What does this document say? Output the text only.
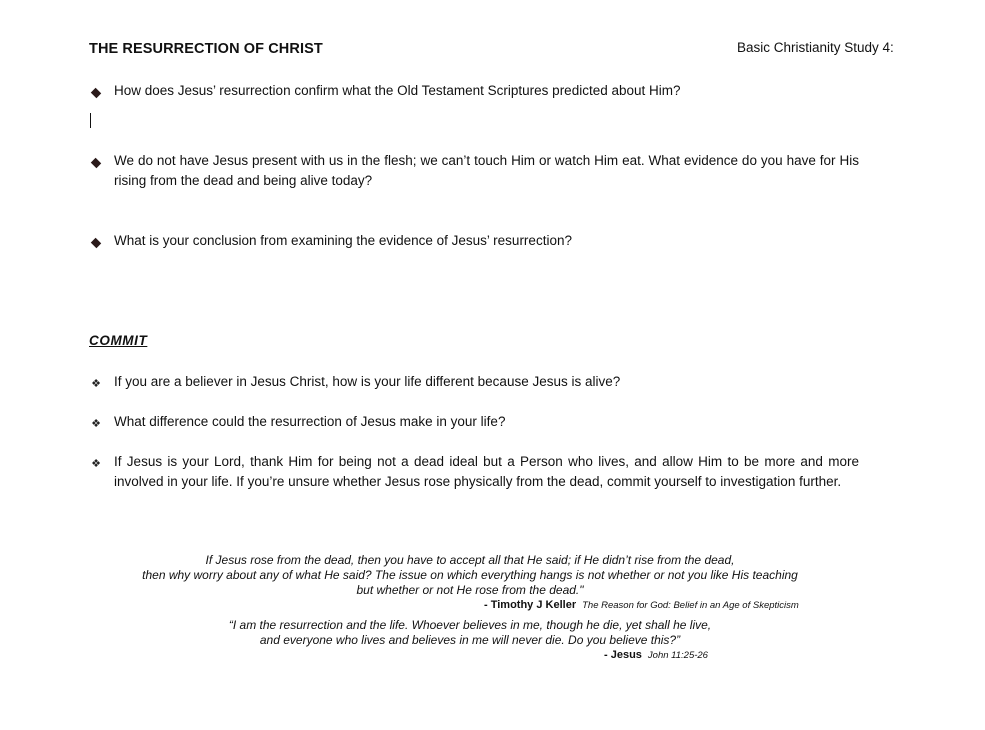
THE RESURRECTION OF CHRIST	Basic Christianity Study 4:
How does Jesus’ resurrection confirm what the Old Testament Scriptures predicted about Him?
We do not have Jesus present with us in the flesh; we can’t touch Him or watch Him eat. What evidence do you have for His rising from the dead and being alive today?
What is your conclusion from examining the evidence of Jesus’ resurrection?
COMMIT
❖ If you are a believer in Jesus Christ, how is your life different because Jesus is alive?
❖ What difference could the resurrection of Jesus make in your life?
❖ If Jesus is your Lord, thank Him for being not a dead ideal but a Person who lives, and allow Him to be more and more involved in your life. If you’re unsure whether Jesus rose physically from the dead, commit yourself to investigation further.
If Jesus rose from the dead, then you have to accept all that He said; if He didn’t rise from the dead,
then why worry about any of what He said? The issue on which everything hangs is not whether or not you like His teaching
but whether or not He rose from the dead."
- Timothy J Keller The Reason for God: Belief in an Age of Skepticism
“I am the resurrection and the life. Whoever believes in me, though he die, yet shall he live,
and everyone who lives and believes in me will never die. Do you believe this?”
- Jesus John 11:25-26
